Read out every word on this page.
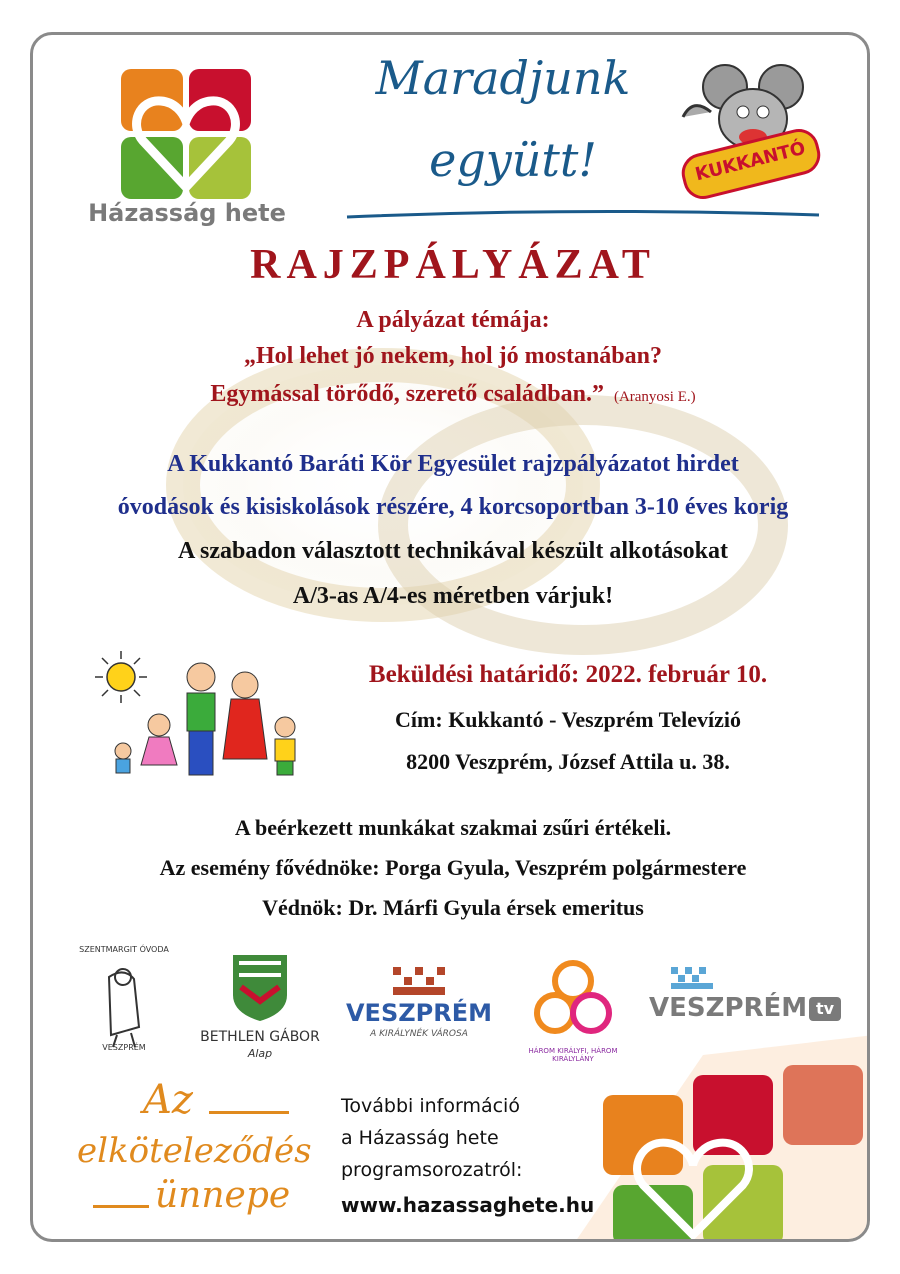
Házasság hete
Maradjunk
együtt!	KUKKANTÓ
RAJZPÁLYÁZAT
A pályázat témája:
„Hol lehet jó nekem, hol jó mostanában?
Egymással törődő, szerető családban.” (Aranyosi E.)
A Kukkantó Baráti Kör Egyesület rajzpályázatot hirdet
óvodások és kisiskolások részére, 4 korcsoportban 3-10 éves korig
A szabadon választott technikával készült alkotásokat
A/3-as A/4-es méretben várjuk!
Beküldési határidő: 2022. február 10.
Cím: Kukkantó - Veszprém Televízió
8200 Veszprém, József Attila u. 38.
A beérkezett munkákat szakmai zsűri értékeli.
Az esemény fővédnöke: Porga Gyula, Veszprém polgármestere
Védnök: Dr. Márfi Gyula érsek emeritus
SZENTMARGIT ÓVODA
VESZPRÉM
BETHLEN GÁBOR
Alap
VESZPRÉM
A KIRÁLYNÉK VÁROSA
HÁROM KIRÁLYFI, HÁROM KIRÁLYLÁNY
VESZPRÉM tv
Az
elköteleződés
ünnepe
További információ
a Házasság hete
programsorozatról:
www.hazassaghete.hu
